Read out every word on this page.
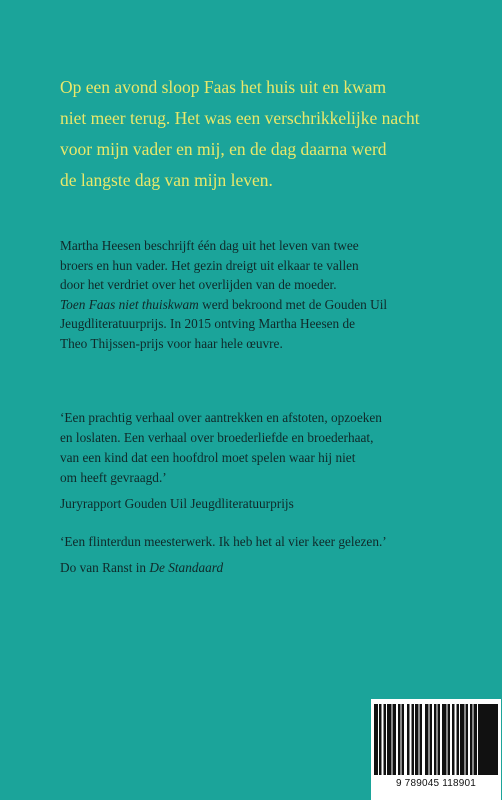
Op een avond sloop Faas het huis uit en kwam
niet meer terug. Het was een verschrikkelijke nacht
voor mijn vader en mij, en de dag daarna werd
de langste dag van mijn leven.

Martha Heesen beschrijft één dag uit het leven van twee
broers en hun vader. Het gezin dreigt uit elkaar te vallen
door het verdriet over het overlijden van de moeder.
Toen Faas niet thuiskwam werd bekroond met de Gouden Uil
Jeugdliteratuurprijs. In 2015 ontving Martha Heesen de
Theo Thijssen-prijs voor haar hele œuvre.

‘Een prachtig verhaal over aantrekken en afstoten, opzoeken
en loslaten. Een verhaal over broederliefde en broederhaat,
van een kind dat een hoofdrol moet spelen waar hij niet
om heeft gevraagd.’
Juryrapport Gouden Uil Jeugdliteratuurprijs

‘Een flinterdun meesterwerk. Ik heb het al vier keer gelezen.’
Do van Ranst in De Standaard

9 789045 118901
